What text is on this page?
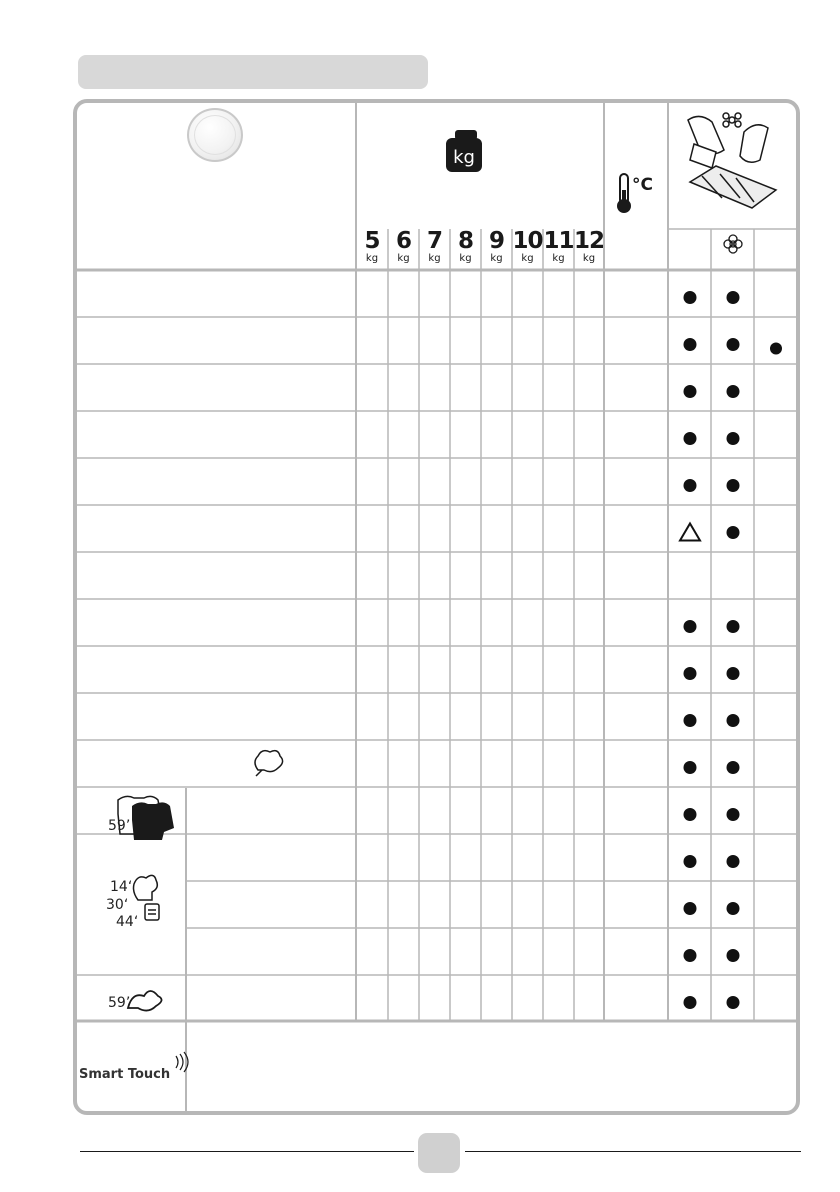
kg
°C
5
kg
6
kg
7
kg
8
kg
9
kg
10
kg
11
kg
12
kg
59’
14‘
30‘
44‘
59’
Smart Touch
